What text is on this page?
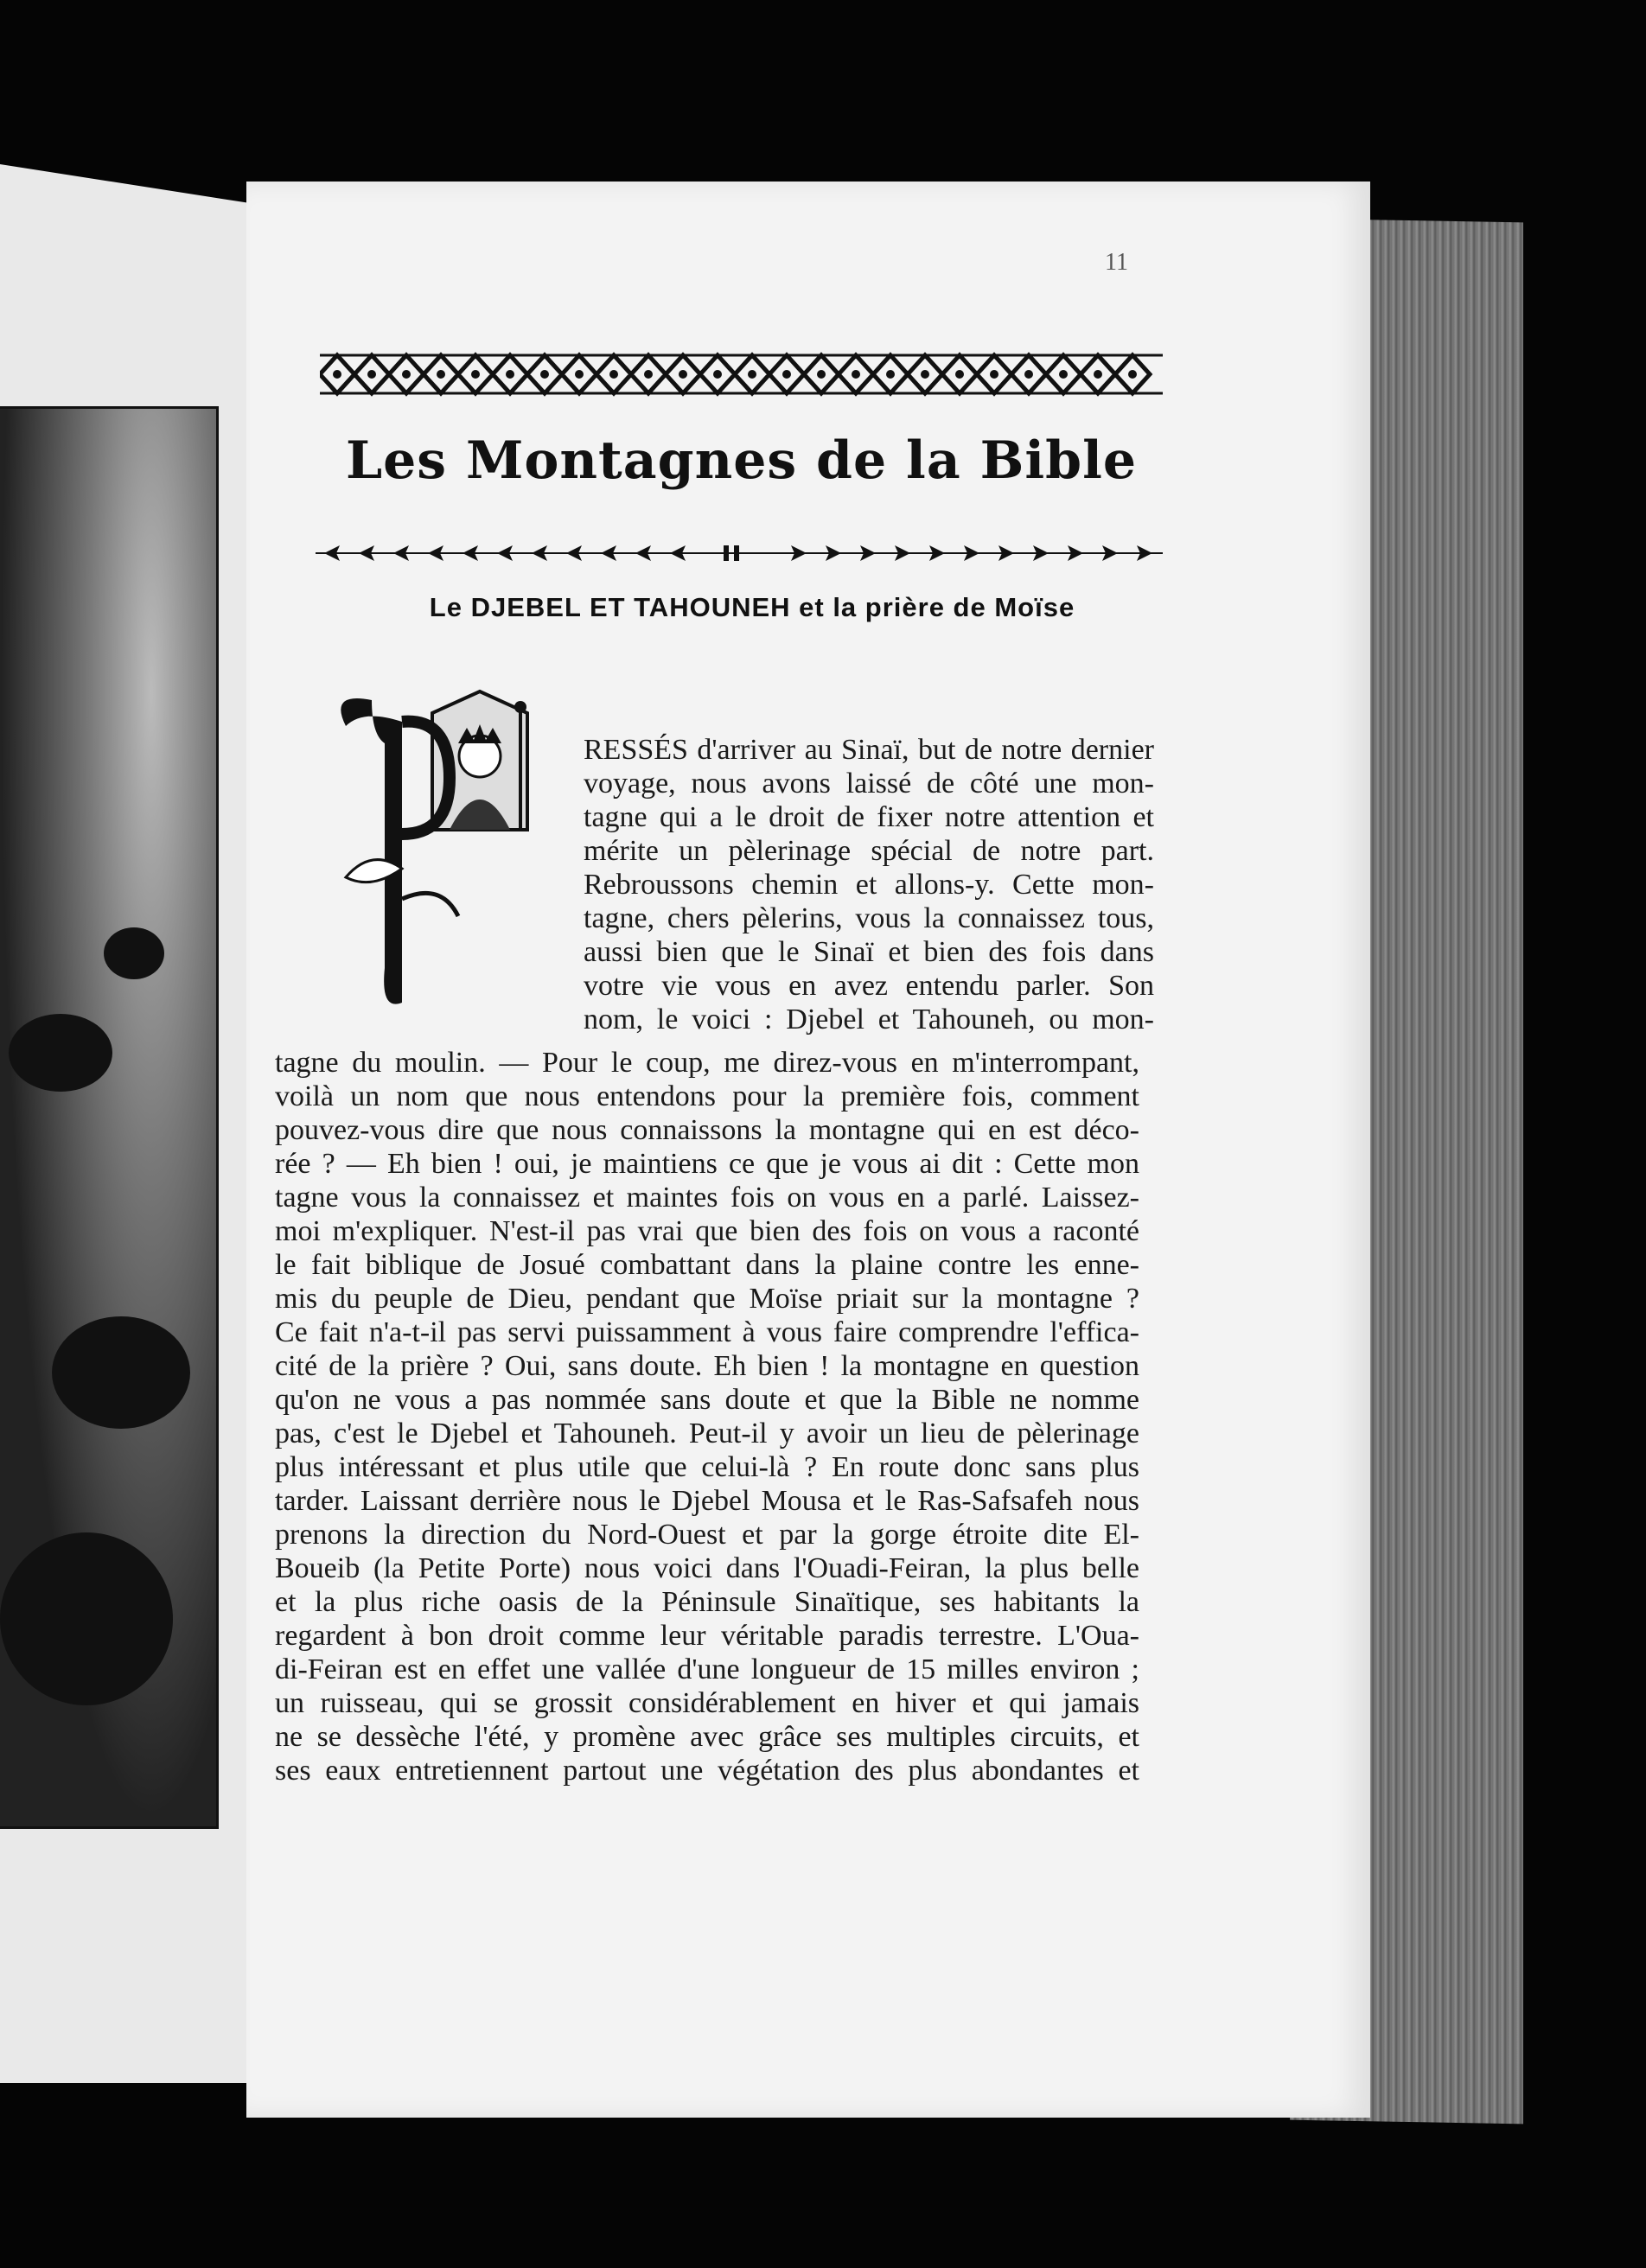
11
Les Montagnes de la Bible
Le DJEBEL ET TAHOUNEH et la prière de Moïse
RESSÉS d'arriver au Sinaï, but de notre dernier
voyage, nous avons laissé de côté une mon-
tagne qui a le droit de fixer notre attention et
mérite un pèlerinage spécial de notre part.
Rebroussons chemin et allons-y. Cette mon-
tagne, chers pèlerins, vous la connaissez tous,
aussi bien que le Sinaï et bien des fois dans
votre vie vous en avez entendu parler. Son
nom, le voici : Djebel et Tahouneh, ou mon-
tagne du moulin. — Pour le coup, me direz-vous en m'interrompant,
voilà un nom que nous entendons pour la première fois, comment
pouvez-vous dire que nous connaissons la montagne qui en est déco-
rée ? — Eh bien ! oui, je maintiens ce que je vous ai dit : Cette mon
tagne vous la connaissez et maintes fois on vous en a parlé. Laissez-
moi m'expliquer. N'est-il pas vrai que bien des fois on vous a raconté
le fait biblique de Josué combattant dans la plaine contre les enne-
mis du peuple de Dieu, pendant que Moïse priait sur la montagne ?
Ce fait n'a-t-il pas servi puissamment à vous faire comprendre l'effica-
cité de la prière ? Oui, sans doute. Eh bien ! la montagne en question
qu'on ne vous a pas nommée sans doute et que la Bible ne nomme
pas, c'est le Djebel et Tahouneh. Peut-il y avoir un lieu de pèlerinage
plus intéressant et plus utile que celui-là ? En route donc sans plus
tarder. Laissant derrière nous le Djebel Mousa et le Ras-Safsafeh nous
prenons la direction du Nord-Ouest et par la gorge étroite dite El-
Boueib (la Petite Porte) nous voici dans l'Ouadi-Feiran, la plus belle
et la plus riche oasis de la Péninsule Sinaïtique, ses habitants la
regardent à bon droit comme leur véritable paradis terrestre. L'Oua-
di-Feiran est en effet une vallée d'une longueur de 15 milles environ ;
un ruisseau, qui se grossit considérablement en hiver et qui jamais
ne se dessèche l'été, y promène avec grâce ses multiples circuits, et
ses eaux entretiennent partout une végétation des plus abondantes et
